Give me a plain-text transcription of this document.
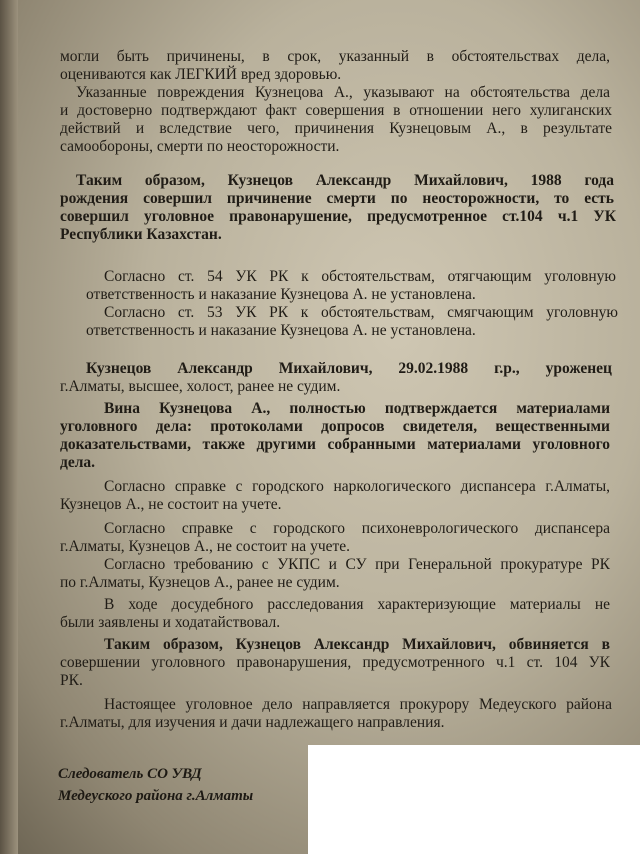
могли быть причинены, в срок, указанный в обстоятельствах дела,
оцениваются как ЛЕГКИЙ вред здоровью.
Указанные повреждения Кузнецова А., указывают на обстоятельства дела
и достоверно подтверждают факт совершения в отношении него хулиганских
действий и вследствие чего, причинения Кузнецовым А., в результате
самообороны, смерти по неосторожности.
Таким образом, Кузнецов Александр Михайлович, 1988 года
рождения совершил причинение смерти по неосторожности, то есть
совершил уголовное правонарушение, предусмотренное ст.104 ч.1 УК
Республики Казахстан.
Согласно ст. 54 УК РК к обстоятельствам, отягчающим уголовную
ответственность и наказание Кузнецова А. не установлена.
Согласно ст. 53 УК РК к обстоятельствам, смягчающим уголовную
ответственность и наказание Кузнецова А. не установлена.
Кузнецов Александр Михайлович, 29.02.1988 г.р., уроженец
г.Алматы, высшее, холост, ранее не судим.
Вина Кузнецова А., полностью подтверждается материалами
уголовного дела: протоколами допросов свидетеля, вещественными
доказательствами, также другими собранными материалами уголовного
дела.
Согласно справке с городского наркологического диспансера г.Алматы,
Кузнецов А., не состоит на учете.
Согласно справке с городского психоневрологического диспансера
г.Алматы, Кузнецов А., не состоит на учете.
Согласно требованию с УКПС и СУ при Генеральной прокуратуре РК
по г.Алматы, Кузнецов А., ранее не судим.
В ходе досудебного расследования характеризующие материалы не
были заявлены и ходатайствовал.
Таким образом, Кузнецов Александр Михайлович, обвиняется в
совершении уголовного правонарушения, предусмотренного ч.1 ст. 104 УК
РК.
Настоящее уголовное дело направляется прокурору Медеуского района
г.Алматы, для изучения и дачи надлежащего направления.
Следователь СО УВД
Медеуского района г.Алматы
